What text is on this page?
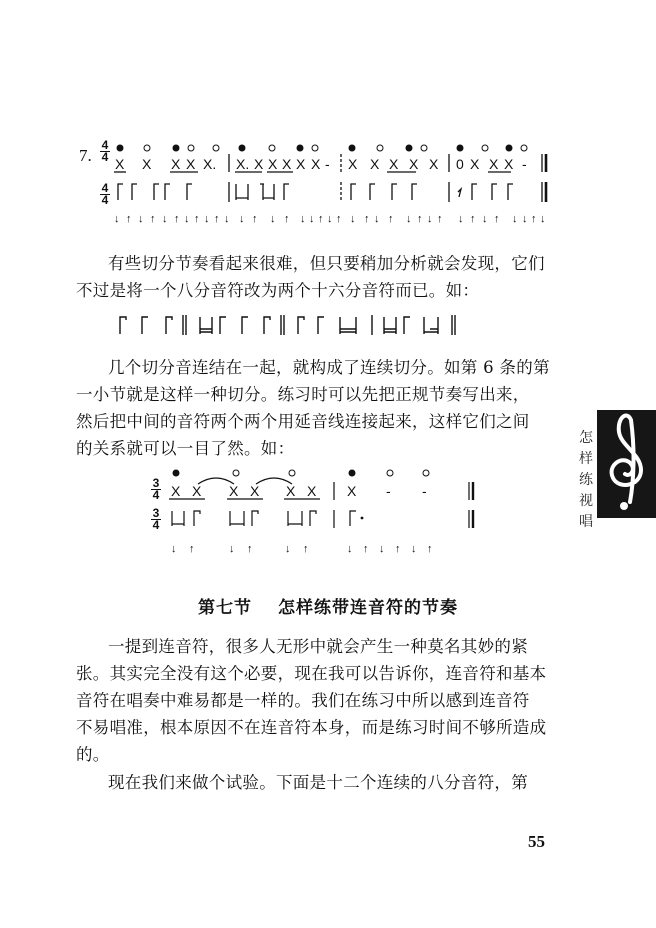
7.
4
4
4
4
X X X X X. X. X X X X X - X X X X X 0 X X X -
↓ ↑ ↓ ↑ ↓ ↑ ↓ ↑ ↓ ↑ ↓ ↓ ↑ ↓ ↑ ↓ ↓ ↑ ↓ ↑ ↓ ↑ ↓ ↑ ↓ ↑ ↓ ↑ ↓ ↑ ↓ ↑ ↓ ↓ ↑ ↓

有些切分节奏看起来很难，但只要稍加分析就会发现，它们

不过是将一个八分音符改为两个十六分音符而已。如：

几个切分音连结在一起，就构成了连续切分。如第 6 条的第

一小节就是这样一种切分。练习时可以先把正规节奏写出来，

然后把中间的音符两个两个用延音线连接起来，这样它们之间

的关系就可以一目了然。如：

3
4
3
4
X X X X X X X - -
↓ ↑	↓ ↑	↓ ↑	↓ ↑ ↓ ↑ ↓ ↑
第七节 怎样练带连音符的节奏

一提到连音符，很多人无形中就会产生一种莫名其妙的紧

张。其实完全没有这个必要，现在我可以告诉你，连音符和基本

音符在唱奏中难易都是一样的。我们在练习中所以感到连音符

不易唱准，根本原因不在连音符本身，而是练习时间不够所造成

的。

现在我们来做个试验。下面是十二个连续的八分音符，第

怎
样
练
视
唱
55
